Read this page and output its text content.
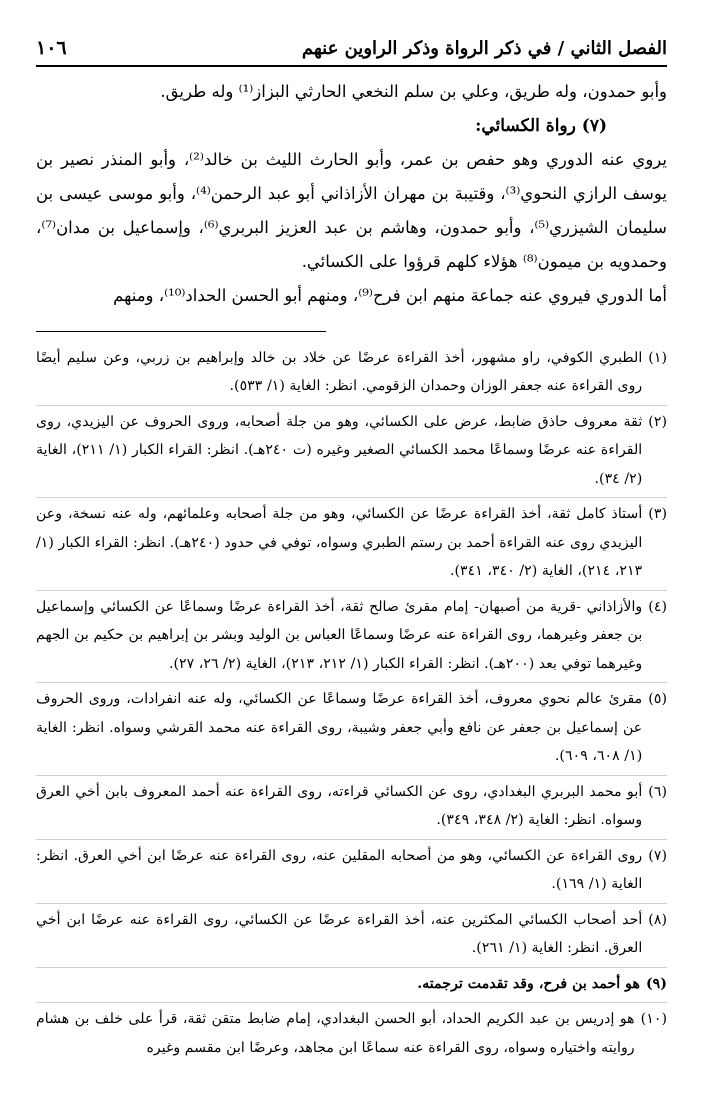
الفصل الثاني / في ذكر الرواة وذكر الراوين عنهم
١٠٦

وأبو حمدون، وله طريق، وعلي بن سلم النخعي الحارثي البزاز⁽¹⁾ وله طريق.

(٧) رواة الكسائي:

يروي عنه الدوري وهو حفص بن عمر، وأبو الحارث الليث بن خالد⁽²⁾، وأبو المنذر نصير بن يوسف الرازي النحوي⁽³⁾، وقتيبة بن مهران الأزاذاني أبو عبد الرحمن⁽⁴⁾، وأبو موسى عيسى بن سليمان الشيزري⁽⁵⁾، وأبو حمدون، وهاشم بن عبد العزيز البربري⁽⁶⁾، وإسماعيل بن مدان⁽⁷⁾، وحمدويه بن ميمون⁽⁸⁾ هؤلاء كلهم قرؤوا على الكسائي.

أما الدوري فيروي عنه جماعة منهم ابن فرح⁽⁹⁾، ومنهم أبو الحسن الحداد⁽¹⁰⁾، ومنهم

(١)
الطبري الكوفي، راو مشهور، أخذ القراءة عرضًا عن خلاد بن خالد وإبراهيم بن زربي، وعن سليم أيضًا روى القراءة عنه جعفر الوزان وحمدان الزقومي. انظر: الغاية (١/ ٥٣٣).
(٢)
ثقة معروف حاذق ضابط، عرض على الكسائي، وهو من جلة أصحابه، وروى الحروف عن اليزيدي، روى القراءة عنه عرضًا وسماعًا محمد الكسائي الصغير وغيره (ت ٢٤٠هـ). انظر: القراء الكبار (١/ ٢١١)، الغاية (٢/ ٣٤).
(٣)
أستاذ كامل ثقة، أخذ القراءة عرضًا عن الكسائي، وهو من جلة أصحابه وعلمائهم، وله عنه نسخة، وعن اليزيدي روى عنه القراءة أحمد بن رستم الطبري وسواه، توفي في حدود (٢٤٠هـ). انظر: القراء الكبار (١/ ٢١٣، ٢١٤)، الغاية (٢/ ٣٤٠، ٣٤١).
(٤)
والأزاذاني -قرية من أصبهان- إمام مقرئ صالح ثقة، أخذ القراءة عرضًا وسماعًا عن الكسائي وإسماعيل بن جعفر وغيرهما، روى القراءة عنه عرضًا وسماعًا العباس بن الوليد وبشر بن إبراهيم بن حكيم بن الجهم وغيرهما توفي بعد (٢٠٠هـ). انظر: القراء الكبار (١/ ٢١٢، ٢١٣)، الغاية (٢/ ٢٦، ٢٧).
(٥)
مقرئ عالم نحوي معروف، أخذ القراءة عرضًا وسماعًا عن الكسائي، وله عنه انفرادات، وروى الحروف عن إسماعيل بن جعفر عن نافع وأبي جعفر وشيبة، روى القراءة عنه محمد القرشي وسواه. انظر: الغاية (١/ ٦٠٨، ٦٠٩).
(٦)
أبو محمد البربري البغدادي، روى عن الكسائي قراءته، روى القراءة عنه أحمد المعروف بابن أخي العرق وسواه. انظر: الغاية (٢/ ٣٤٨، ٣٤٩).
(٧)
روى القراءة عن الكسائي، وهو من أصحابه المقلين عنه، روى القراءة عنه عرضًا ابن أخي العرق. انظر: الغاية (١/ ١٦٩).
(٨)
أحد أصحاب الكسائي المكثرين عنه، أخذ القراءة عرضًا عن الكسائي، روى القراءة عنه عرضًا ابن أخي العرق. انظر: الغاية (١/ ٢٦١).
(٩)
هو أحمد بن فرح، وقد تقدمت ترجمته.
(١٠)
هو إدريس بن عبد الكريم الحداد، أبو الحسن البغدادي، إمام ضابط متقن ثقة، قرأ على خلف بن هشام روايته واختياره وسواه، روى القراءة عنه سماعًا ابن مجاهد، وعرضًا ابن مقسم وغيره
